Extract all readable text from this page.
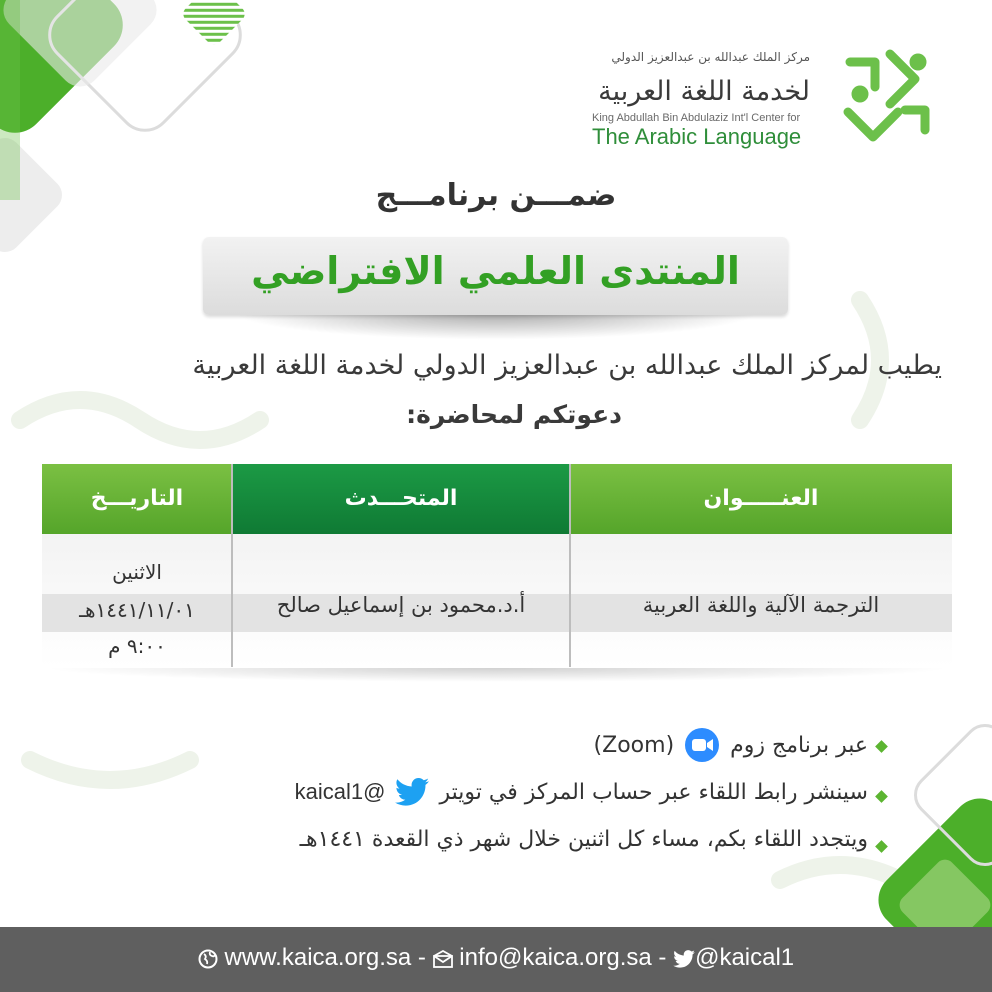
مركز الملك عبدالله بن عبدالعزيز الدولي
لخدمة اللغة العربية
King Abdullah Bin Abdulaziz Int'l Center for
The Arabic Language
ضمـــن برنامـــج
المنتدى العلمي الافتراضي
يطيب لمركز الملك عبدالله بن عبدالعزيز الدولي لخدمة اللغة العربية
دعوتكم لمحاضرة:
العنـــــوان
الترجمة الآلية واللغة العربية
المتحـــدث
أ.د.محمود بن إسماعيل صالح
التاريـــخ
الاثنين
١٤٤١/١١/٠١هـ
٩:٠٠ م
عبر برنامج زوم
(Zoom)
سينشر رابط اللقاء عبر حساب المركز في تويتر
@kaical1
ويتجدد اللقاء بكم، مساء كل اثنين خلال شهر ذي القعدة ١٤٤١هـ
www.kaica.org.sa - info@kaica.org.sa - @kaical1
